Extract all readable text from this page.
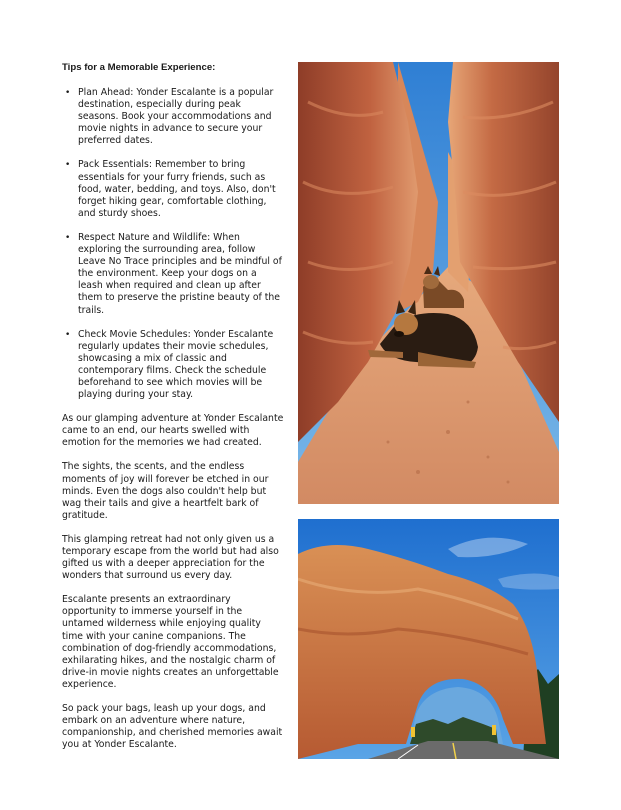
Tips for a Memorable Experience:
• Plan Ahead: Yonder Escalante is a popular destination, especially during peak seasons. Book your accommodations and movie nights in advance to secure your preferred dates.
• Pack Essentials: Remember to bring essentials for your furry friends, such as food, water, bedding, and toys. Also, don't forget hiking gear, comfortable clothing, and sturdy shoes.
• Respect Nature and Wildlife: When exploring the surrounding area, follow Leave No Trace principles and be mindful of the environment. Keep your dogs on a leash when required and clean up after them to preserve the pristine beauty of the trails.
• Check Movie Schedules: Yonder Escalante regularly updates their movie schedules, showcasing a mix of classic and contemporary films. Check the schedule beforehand to see which movies will be playing during your stay.

As our glamping adventure at Yonder Escalante came to an end, our hearts swelled with emotion for the memories we had created.

The sights, the scents, and the endless moments of joy will forever be etched in our minds. Even the dogs also couldn't help but wag their tails and give a heartfelt bark of gratitude.

This glamping retreat had not only given us a temporary escape from the world but had also gifted us with a deeper appreciation for the wonders that surround us every day.

Escalante presents an extraordinary opportunity to immerse yourself in the untamed wilderness while enjoying quality time with your canine companions. The combination of dog-friendly accommodations, exhilarating hikes, and the nostalgic charm of drive-in movie nights creates an unforgettable experience.

So pack your bags, leash up your dogs, and embark on an adventure where nature, companionship, and cherished memories await you at Yonder Escalante.
